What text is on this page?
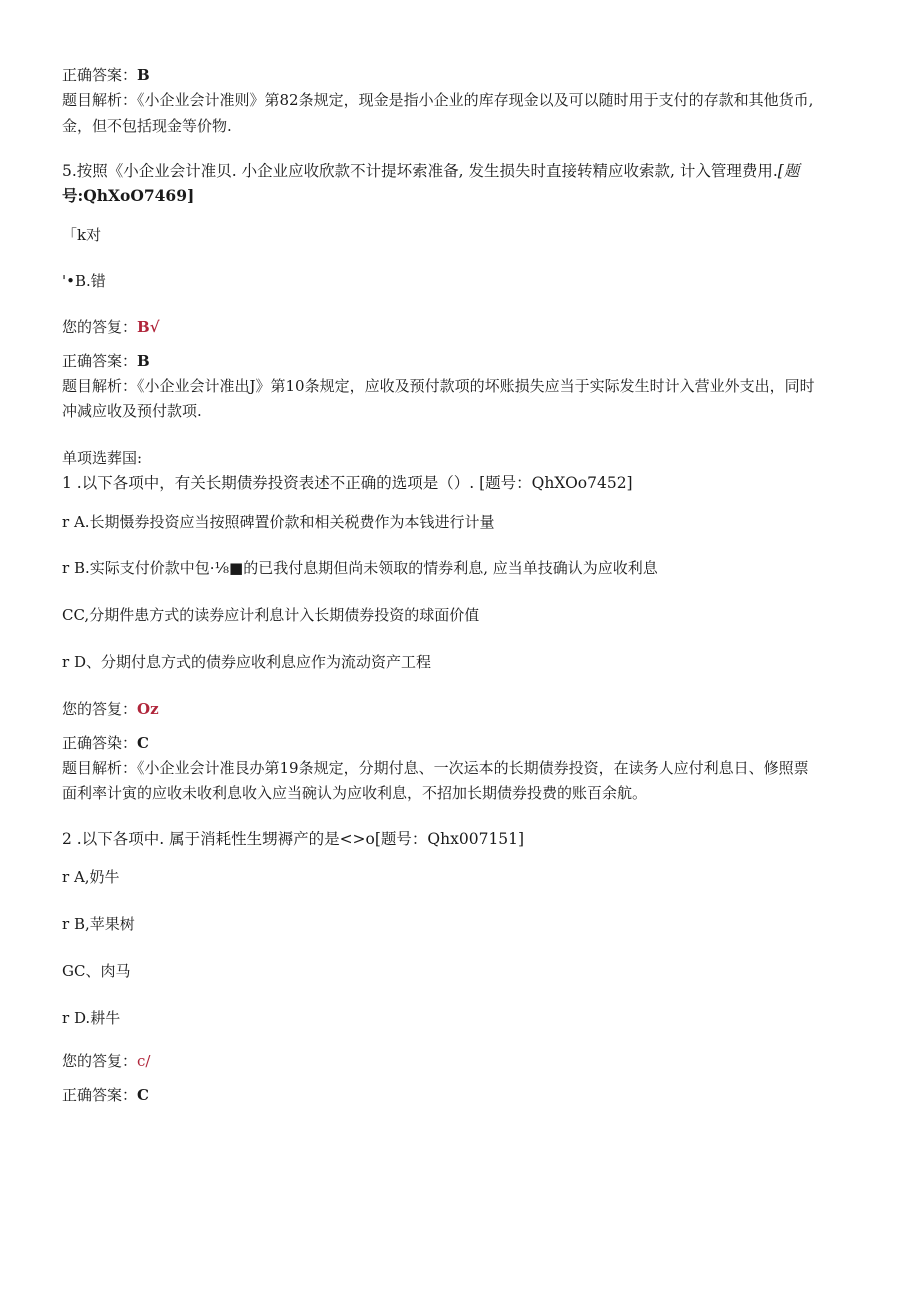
正确答案：B
题目解析：《小企业会计准则》第82条规定，现金是指小企业的库存现金以及可以随时用于支付的存款和其他货币,
金，但不包括现金等价物.
5.按照《小企业会计准贝. 小企业应收欣款不计提坏索准备, 发生损失时直接转精应收索款, 计入管理费用.[题
号:QhXoO7469]
「k对
'•B.错
您的答复：B√
正确答案：B
题目解析：《小企业会计准出J》第10条规定，应收及预付款项的坏账损失应当于实际发生时计入营业外支出，同时
冲减应收及预付款项.
单项选葬国:
1 .以下各项中，有关长期债券投资表述不正确的选项是（）. [题号：QhXOo7452]
r A.长期慑券投资应当按照碑置价款和相关税费作为本钱进行计量
r B.实际支付价款中包·⅛■的已我付息期但尚未领取的情券利息, 应当单技确认为应收利息
CC,分期件患方式的读券应计利息计入长期债券投资的球面价值
r D、分期付息方式的债券应收利息应作为流动资产工程
您的答复：Oz
正确答染：C
题目解析：《小企业会计准艮办第19条规定，分期付息、一次运本的长期债券投资，在读务人应付利息日、修照票
面利率计寅的应收未收利息收入应当碗认为应收利息，不招加长期债券投费的账百余航。
2 .以下各项中. 属于消耗性生甥褥产的是<>o[题号：Qhx007151]
r A,奶牛
r B,苹果树
GC、肉马
r D.耕牛
您的答复：c/
正确答案：C
